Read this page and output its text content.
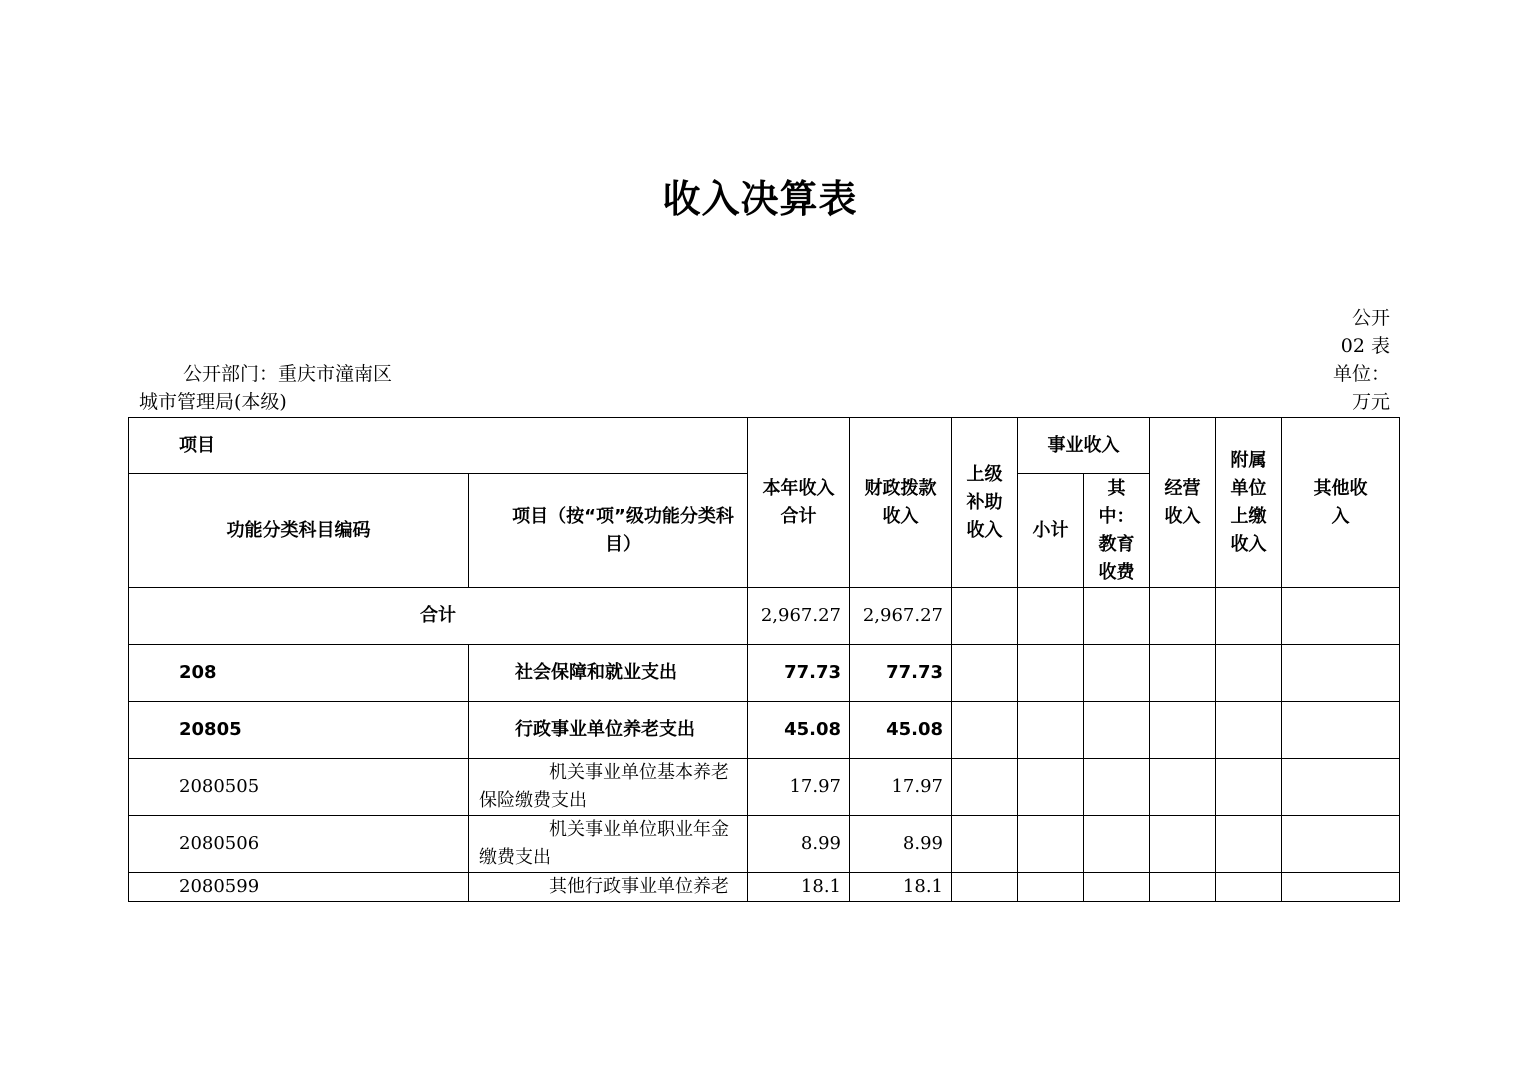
收入决算表
公开
02 表
单位：
万元
公开部门：重庆市潼南区
城市管理局(本级)
项目		本年收入合计	财政拨款收入	上级补助收入	事业收入		经营收入	附属单位上缴收入	其他收入
功能分类科目编码	项目（按“项”级功能分类科目）				小计	其中：教育收费			
合计		2,967.27	2,967.27						
208	社会保障和就业支出	77.73	77.73						
20805	行政事业单位养老支出	45.08	45.08						
2080505	机关事业单位基本养老保险缴费支出	17.97	17.97						
2080506	机关事业单位职业年金缴费支出	8.99	8.99						
2080599	其他行政事业单位养老	18.1	18.1						
